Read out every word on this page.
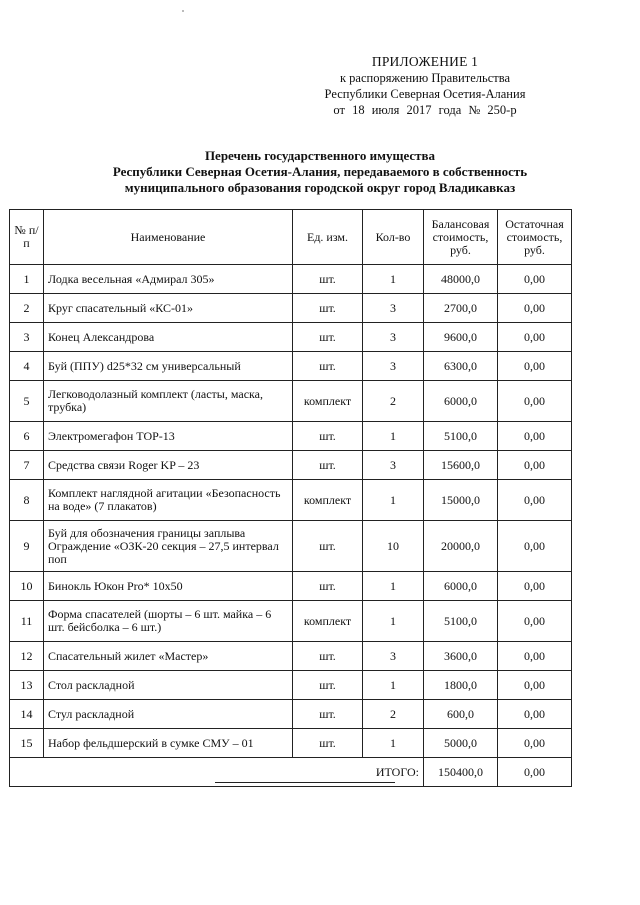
ПРИЛОЖЕНИЕ 1
к распоряжению Правительства
Республики Северная Осетия-Алания
от 18 июля 2017 года № 250-р
Перечень государственного имущества
Республики Северная Осетия-Алания, передаваемого в собственность
муниципального образования городской округ город Владикавказ
№ п/п	Наименование	Ед. изм.	Кол-во	Балансовая стоимость, руб.	Остаточная стоимость, руб.
1	Лодка весельная «Адмирал 305»	шт.	1	48000,0	0,00
2	Круг спасательный «КС-01»	шт.	3	2700,0	0,00
3	Конец Александрова	шт.	3	9600,0	0,00
4	Буй (ППУ) d25*32 см универсальный	шт.	3	6300,0	0,00
5	Легководолазный комплект (ласты, маска, трубка)	комплект	2	6000,0	0,00
6	Электромегафон ТОР-13	шт.	1	5100,0	0,00
7	Средства связи Roger KP – 23	шт.	3	15600,0	0,00
8	Комплект наглядной агитации «Безопасность на воде» (7 плакатов)	комплект	1	15000,0	0,00
9	Буй для обозначения границы заплыва Ограждение «ОЗК-20 секция – 27,5 интервал поп	шт.	10	20000,0	0,00
10	Бинокль Юкон Pro* 10x50	шт.	1	6000,0	0,00
11	Форма спасателей (шорты – 6 шт. майка – 6 шт. бейсболка – 6 шт.)	комплект	1	5100,0	0,00
12	Спасательный жилет «Мастер»	шт.	3	3600,0	0,00
13	Стол раскладной	шт.	1	1800,0	0,00
14	Стул раскладной	шт.	2	600,0	0,00
15	Набор фельдшерский в сумке СМУ – 01	шт.	1	5000,0	0,00
ИТОГО:				150400,0	0,00
